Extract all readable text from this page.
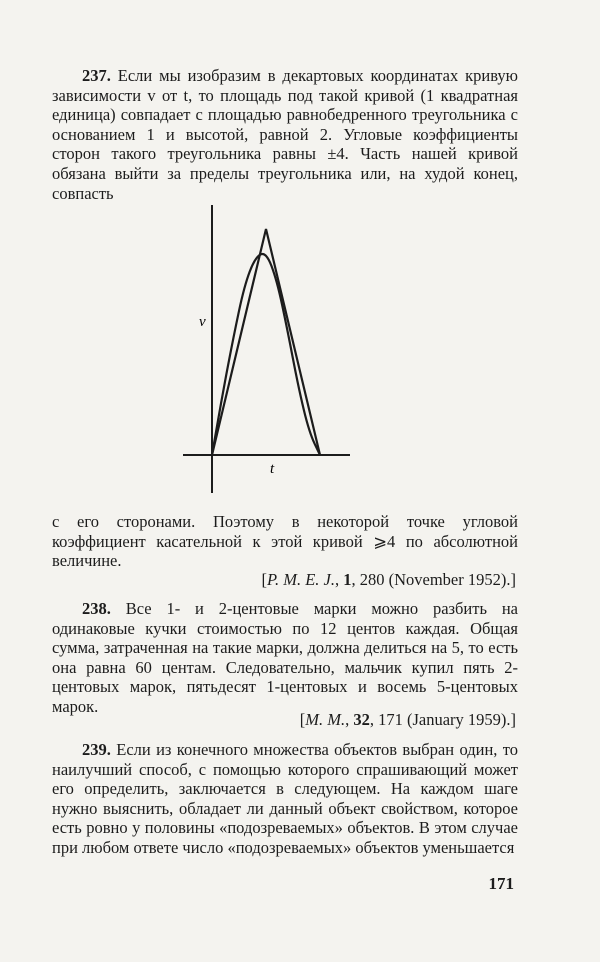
237. Если мы изобразим в декартовых координатах кривую зависимости v от t, то площадь под такой кривой (1 квадратная единица) совпадает с площадью равнобедренного треугольника с основанием 1 и высотой, равной 2. Угловые коэффициенты сторон такого треугольника равны ±4. Часть нашей кривой обязана выйти за пределы треугольника или, на худой конец, совпасть

v
t

с его сторонами. Поэтому в некоторой точке угловой коэффициент касательной к этой кривой ⩾4 по абсолютной величине.

[P. M. E. J., 1, 280 (November 1952).]

238. Все 1- и 2-центовые марки можно разбить на одинаковые кучки стоимостью по 12 центов каждая. Общая сумма, затраченная на такие марки, должна делиться на 5, то есть она равна 60 центам. Следовательно, мальчик купил пять 2-центовых марок, пятьдесят 1-центовых и восемь 5-центовых марок.

[M. M., 32, 171 (January 1959).]

239. Если из конечного множества объектов выбран один, то наилучший способ, с помощью которого спрашивающий может его определить, заключается в следующем. На каждом шаге нужно выяснить, обладает ли данный объект свойством, которое есть ровно у половины «подозреваемых» объектов. В этом случае при любом ответе число «подозреваемых» объектов уменьшается

171
